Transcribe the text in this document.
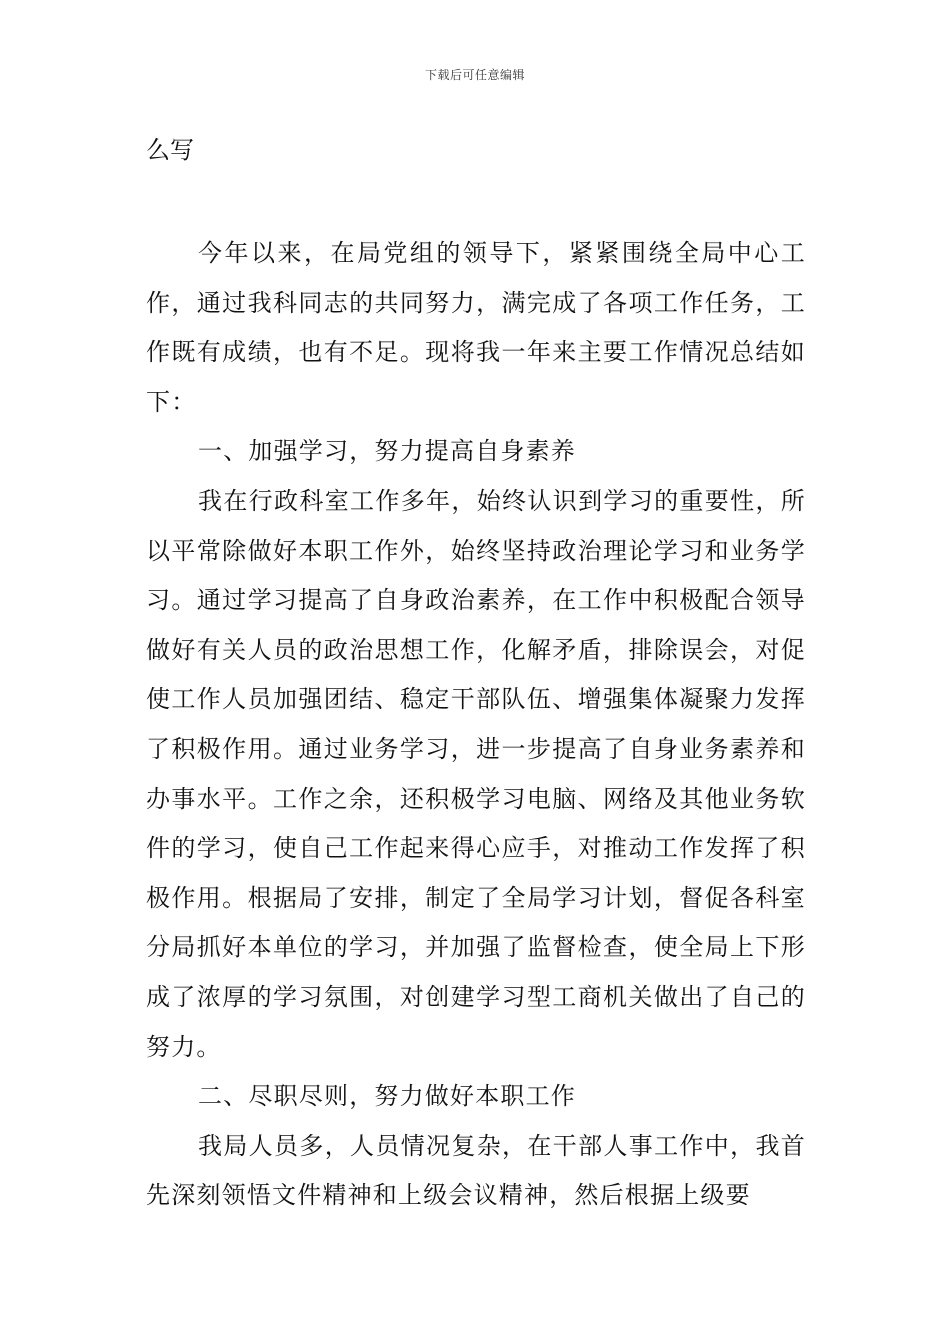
下载后可任意编辑
么写

今年以来，在局党组的领导下，紧紧围绕全局中心工作，通过我科同志的共同努力，满完成了各项工作任务，工作既有成绩，也有不足。现将我一年来主要工作情况总结如下：

一、加强学习，努力提高自身素养

我在行政科室工作多年，始终认识到学习的重要性，所以平常除做好本职工作外，始终坚持政治理论学习和业务学习。通过学习提高了自身政治素养，在工作中积极配合领导做好有关人员的政治思想工作，化解矛盾，排除误会，对促使工作人员加强团结、稳定干部队伍、增强集体凝聚力发挥了积极作用。通过业务学习，进一步提高了自身业务素养和办事水平。工作之余，还积极学习电脑、网络及其他业务软件的学习，使自己工作起来得心应手，对推动工作发挥了积极作用。根据局了安排，制定了全局学习计划，督促各科室分局抓好本单位的学习，并加强了监督检查，使全局上下形成了浓厚的学习氛围，对创建学习型工商机关做出了自己的努力。

二、尽职尽则，努力做好本职工作

我局人员多，人员情况复杂，在干部人事工作中，我首先深刻领悟文件精神和上级会议精神，然后根据上级要
